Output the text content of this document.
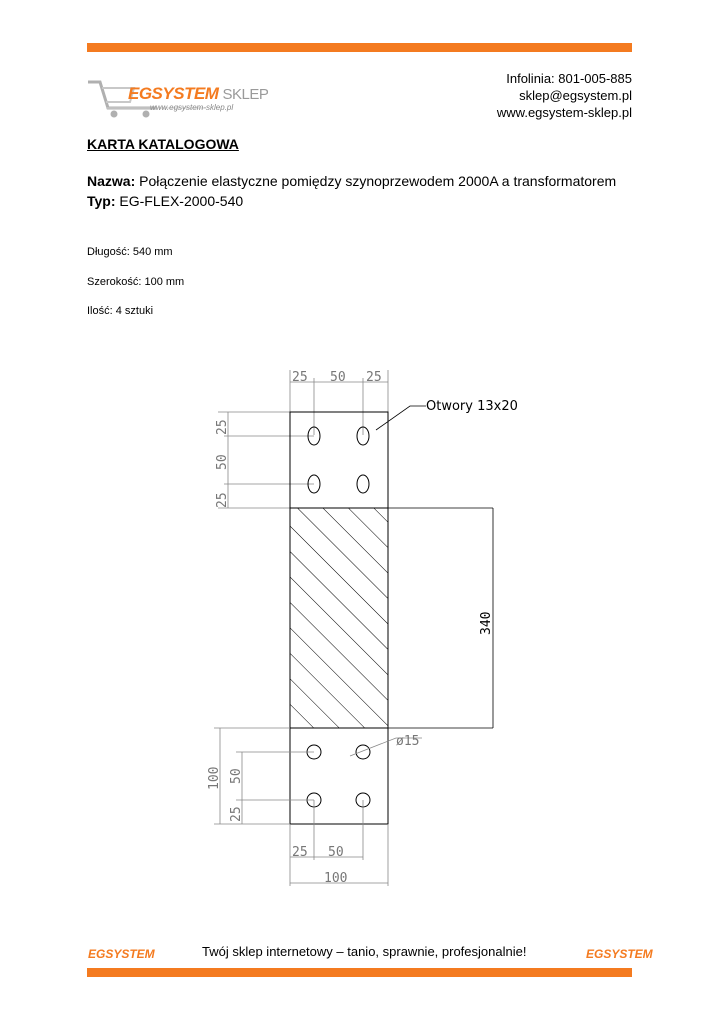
EGSYSTEM SKLEP
www.egsystem-sklep.pl
Infolinia: 801-005-885
sklep@egsystem.pl
www.egsystem-sklep.pl
KARTA KATALOGOWA
Nazwa: Połączenie elastyczne pomiędzy szynoprzewodem 2000A a transformatorem
Typ: EG-FLEX-2000-540
Długość: 540 mm
Szerokość: 100 mm
Ilość: 4 sztuki
25 50 25
25
50
25
Otwory 13x20
340
ø15
100 50
25
25 50
100
EGSYSTEM	Twój sklep internetowy – tanio, sprawnie, profesjonalnie!	EGSYSTEM
